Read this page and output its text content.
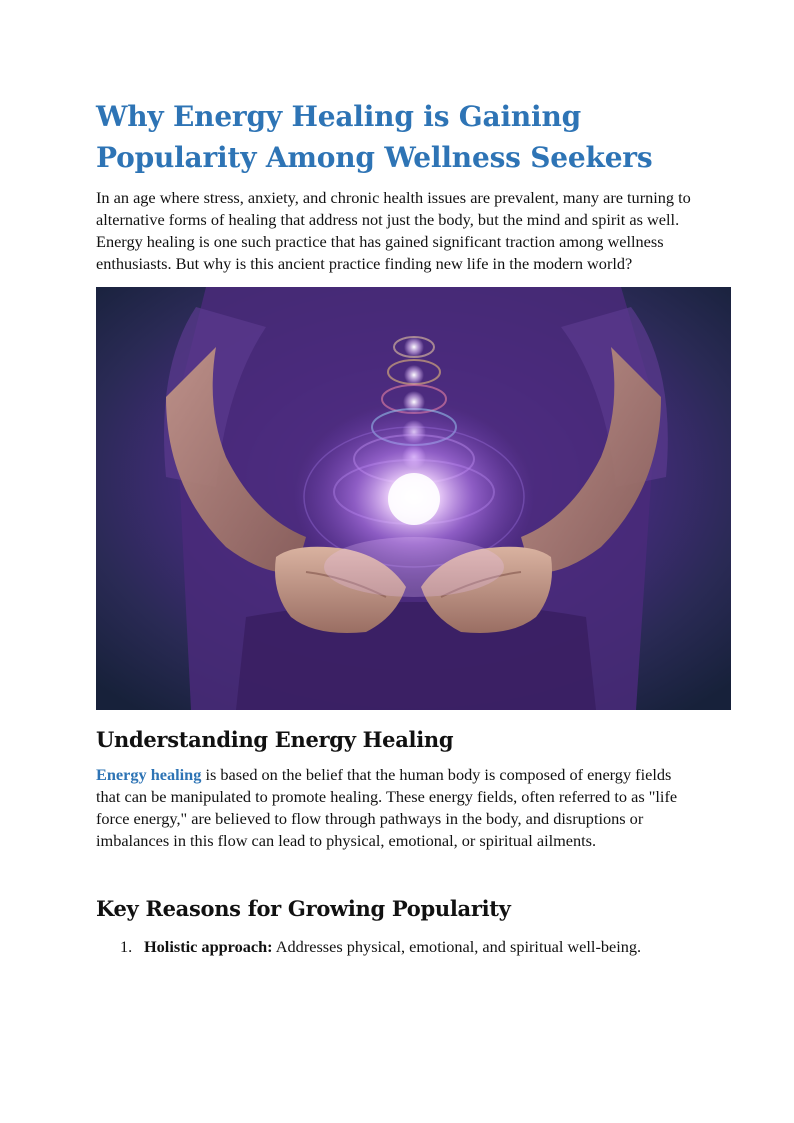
Why Energy Healing is Gaining Popularity Among Wellness Seekers

In an age where stress, anxiety, and chronic health issues are prevalent, many are turning to alternative forms of healing that address not just the body, but the mind and spirit as well. Energy healing is one such practice that has gained significant traction among wellness enthusiasts. But why is this ancient practice finding new life in the modern world?

Understanding Energy Healing

Energy healing is based on the belief that the human body is composed of energy fields that can be manipulated to promote healing. These energy fields, often referred to as "life force energy," are believed to flow through pathways in the body, and disruptions or imbalances in this flow can lead to physical, emotional, or spiritual ailments.

Key Reasons for Growing Popularity
1. Holistic approach: Addresses physical, emotional, and spiritual well-being.
